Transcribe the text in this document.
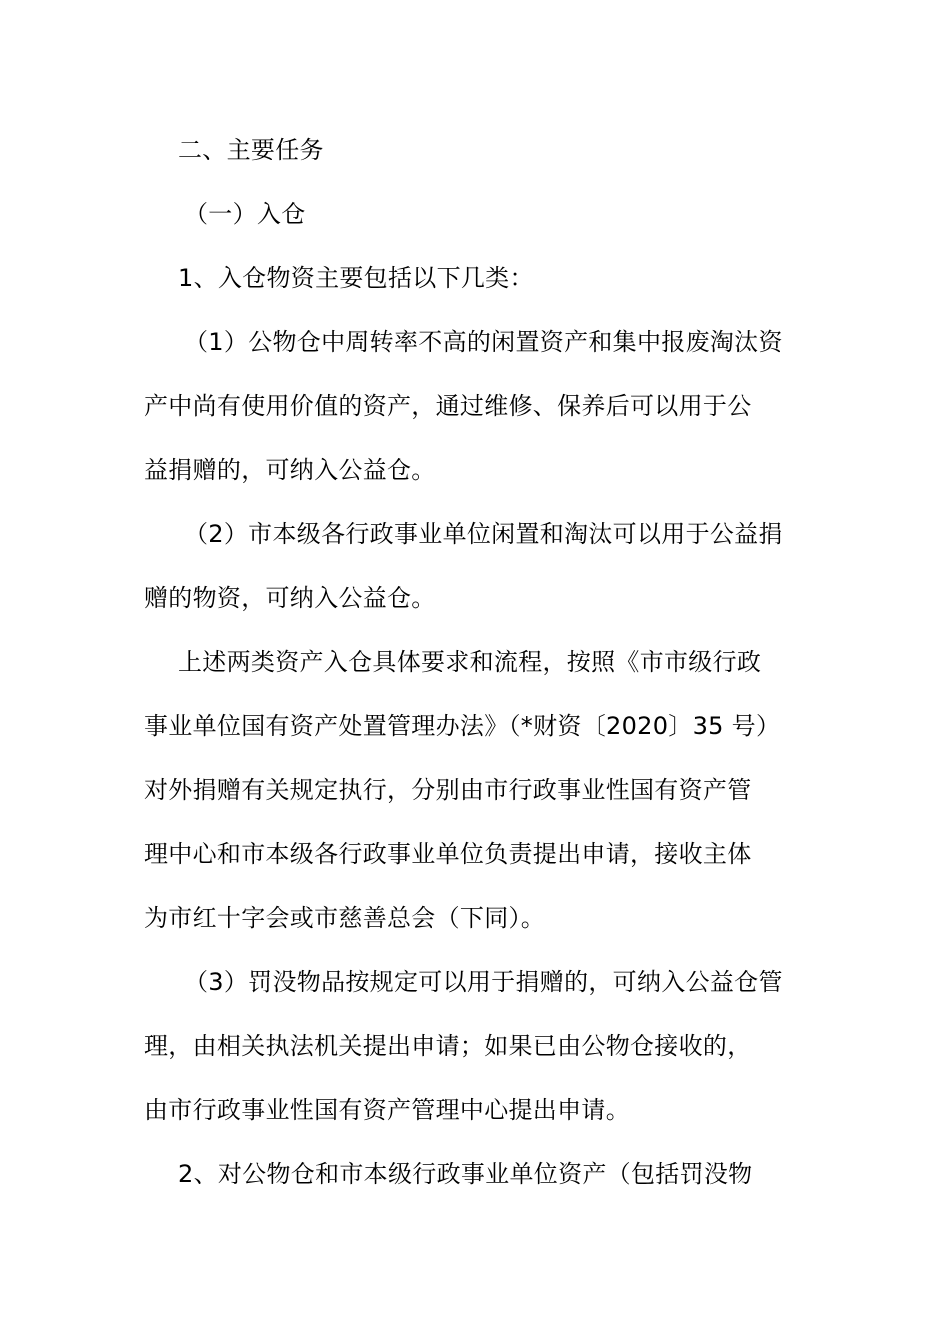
二、主要任务
（一）入仓
1、入仓物资主要包括以下几类：
（1）公物仓中周转率不高的闲置资产和集中报废淘汰资
产中尚有使用价值的资产，通过维修、保养后可以用于公
益捐赠的，可纳入公益仓。
（2）市本级各行政事业单位闲置和淘汰可以用于公益捐
赠的物资，可纳入公益仓。
上述两类资产入仓具体要求和流程，按照《市市级行政
事业单位国有资产处置管理办法》（*财资〔2020〕35 号）
对外捐赠有关规定执行，分别由市行政事业性国有资产管
理中心和市本级各行政事业单位负责提出申请，接收主体
为市红十字会或市慈善总会（下同）。
（3）罚没物品按规定可以用于捐赠的，可纳入公益仓管
理，由相关执法机关提出申请；如果已由公物仓接收的，
由市行政事业性国有资产管理中心提出申请。
2、对公物仓和市本级行政事业单位资产（包括罚没物
